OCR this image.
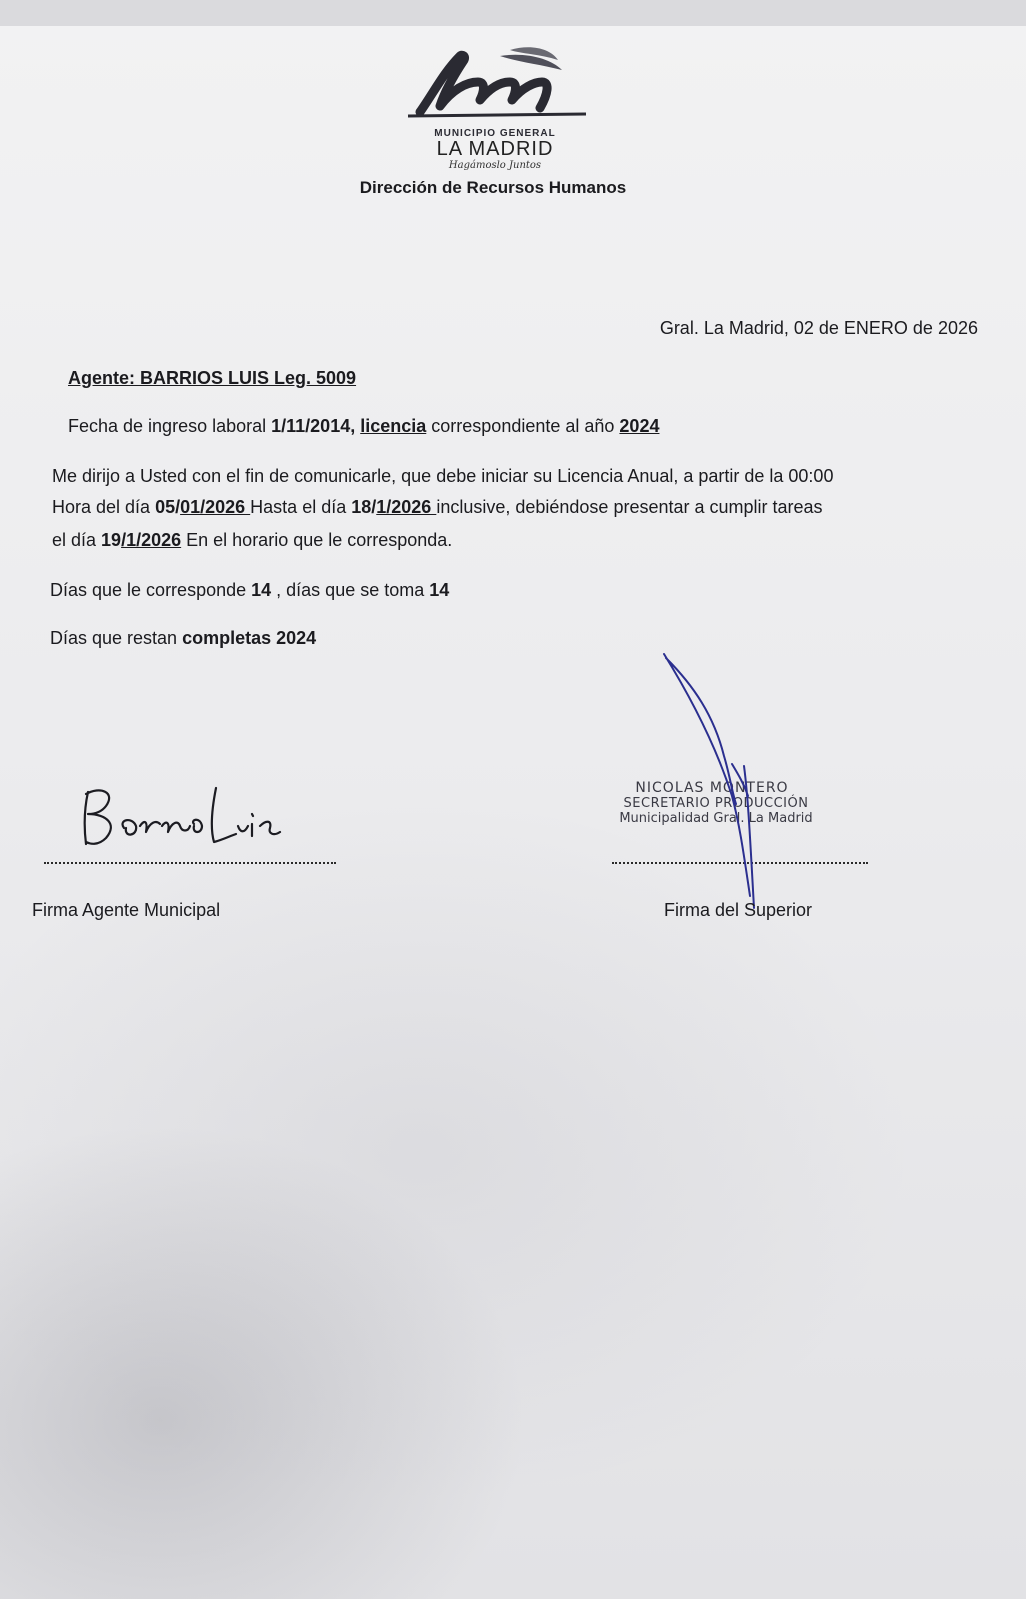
MUNICIPIO GENERAL
LA MADRID
Hagámoslo Juntos
Dirección de Recursos Humanos
Gral. La Madrid, 02 de ENERO de 2026
Agente: BARRIOS LUIS Leg. 5009
Fecha de ingreso laboral 1/11/2014, licencia correspondiente al año 2024
Me dirijo a Usted con el fin de comunicarle, que debe iniciar su Licencia Anual, a partir de la 00:00
Hora del día 05/01/2026 Hasta el día 18/1/2026 inclusive, debiéndose presentar a cumplir tareas
el día 19/1/2026 En el horario que le corresponda.
Días que le corresponde 14 , días que se toma 14
Días que restan completas 2024
Firma Agente Municipal
NICOLAS MONTERO
SECRETARIO PRODUCCIÓN
Municipalidad Gral. La Madrid
Firma del Superior
